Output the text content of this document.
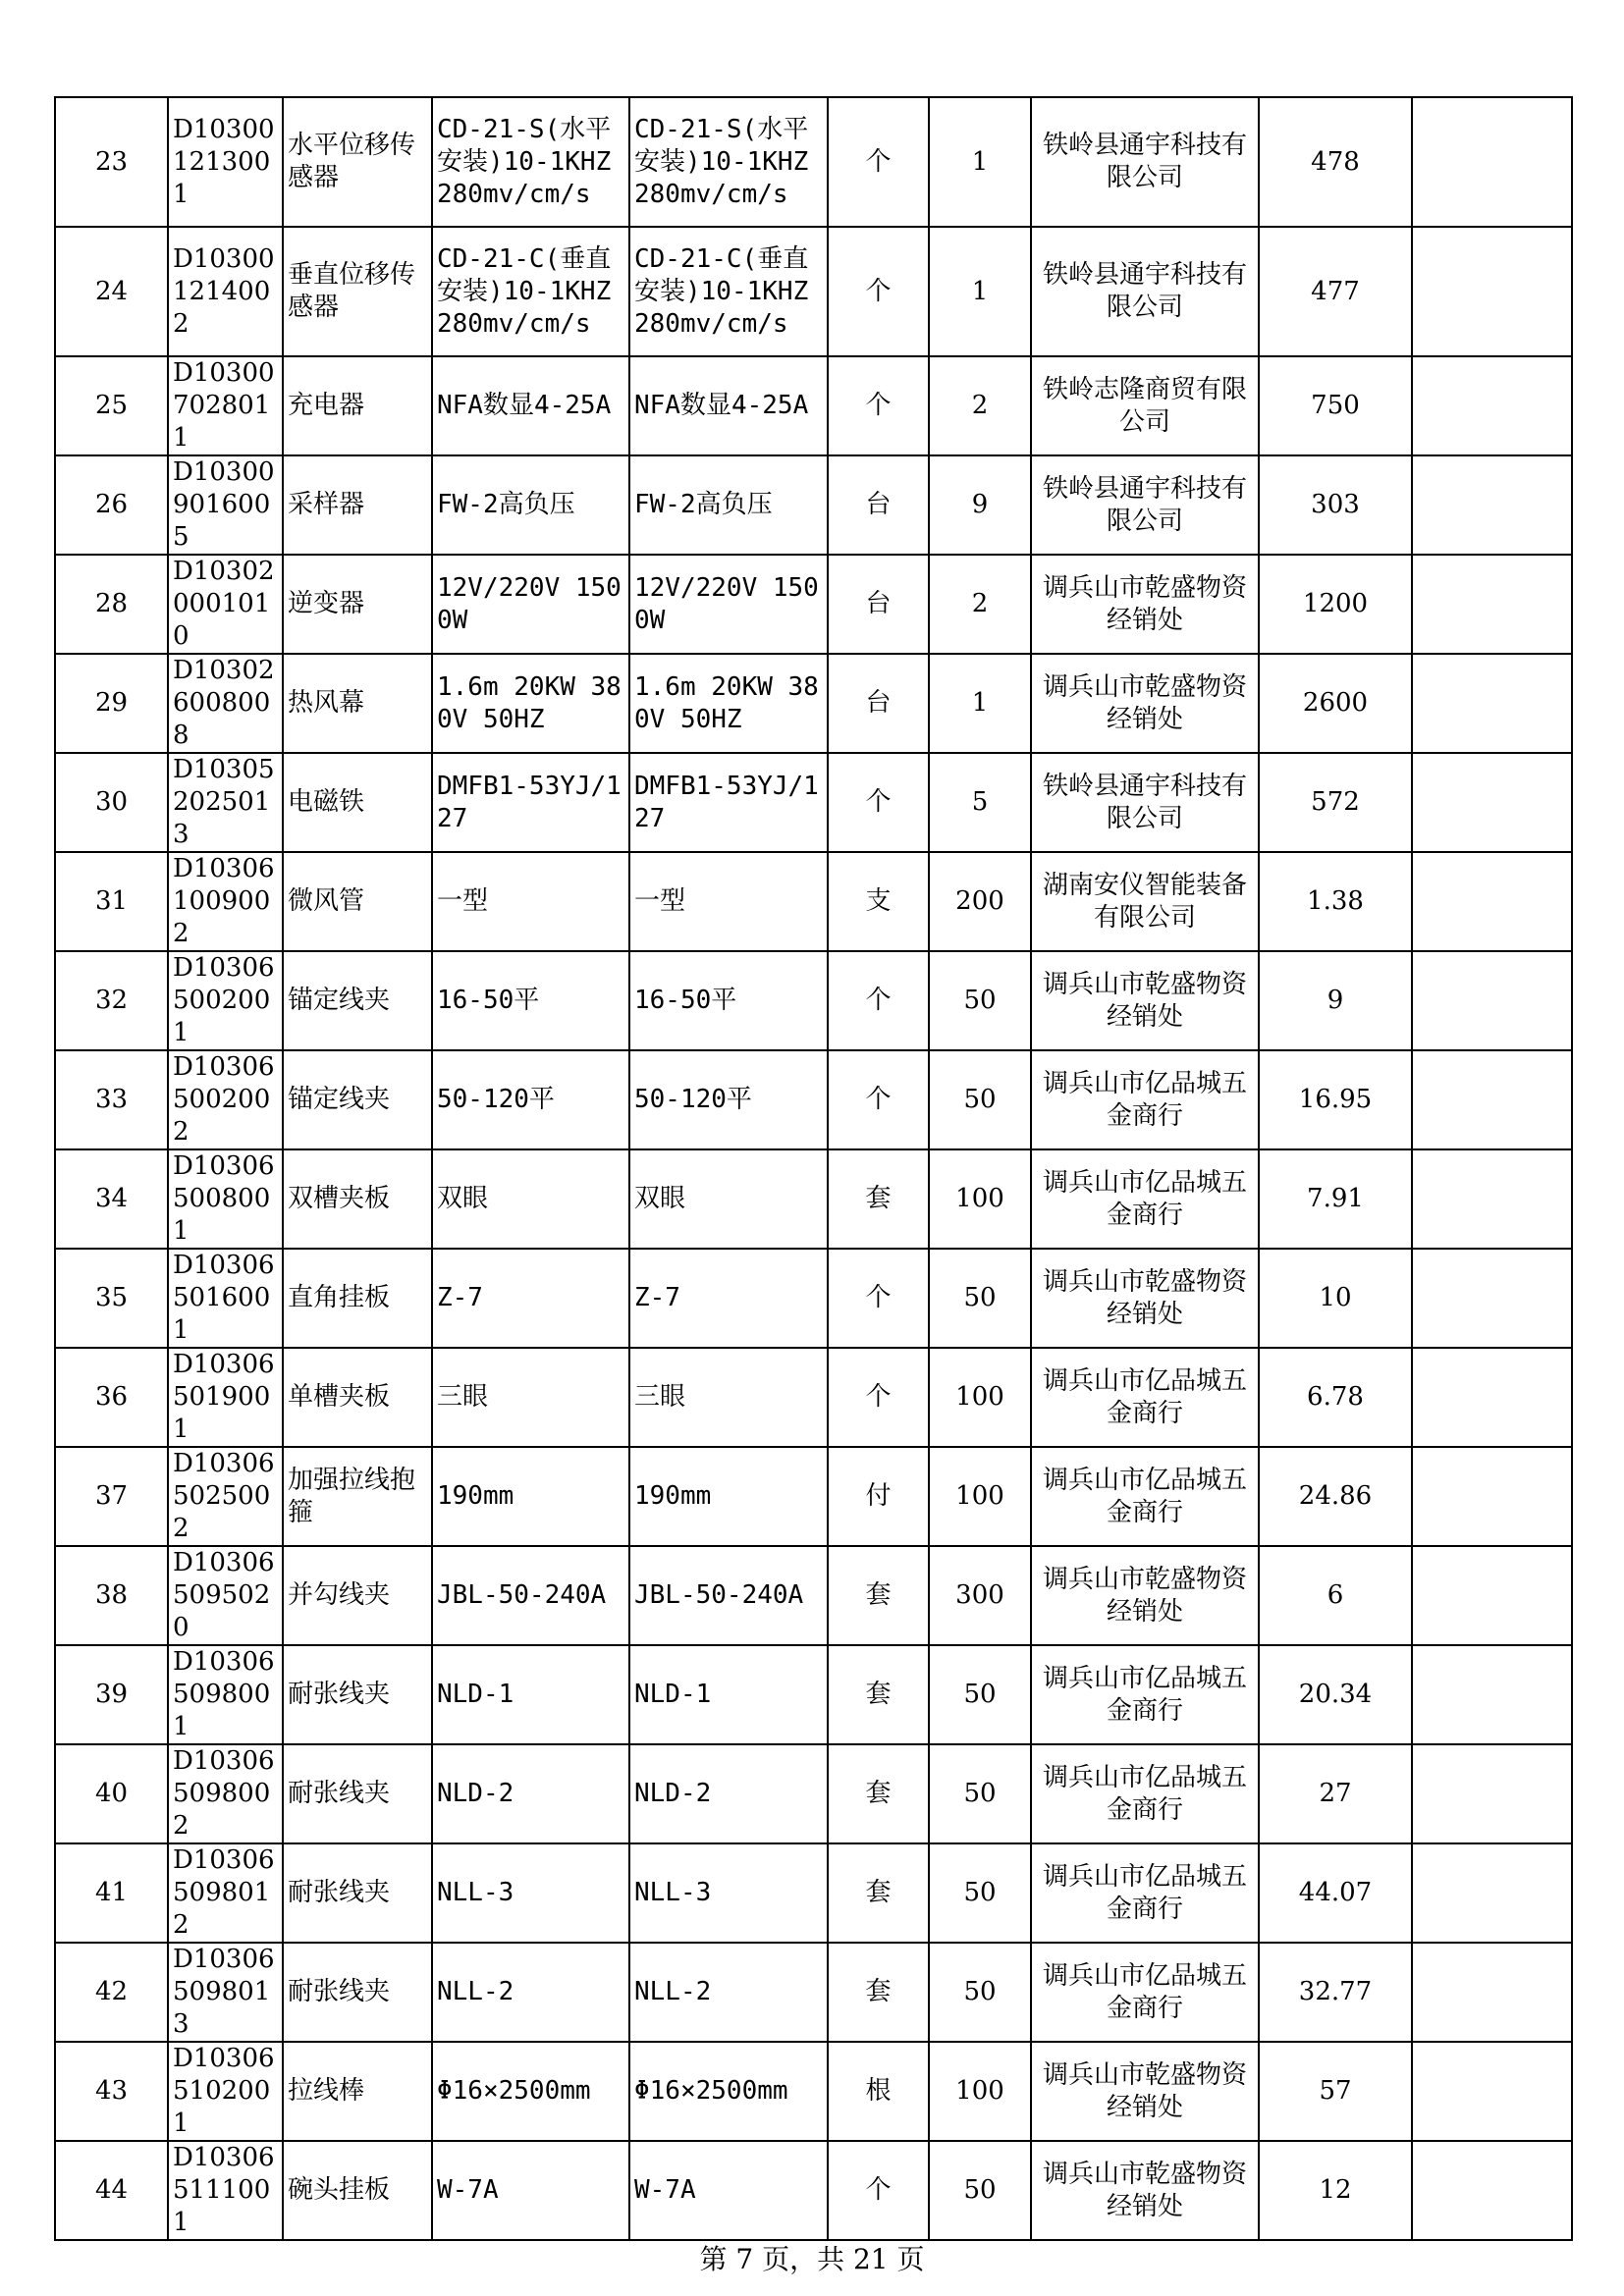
23	D103001213001	水平位移传感器	CD-21-S(水平安装)10-1KHZ280mv/cm/s	CD-21-S(水平安装)10-1KHZ280mv/cm/s	个	1	铁岭县通宇科技有限公司	478	
24	D103001214002	垂直位移传感器	CD-21-C(垂直安装)10-1KHZ280mv/cm/s	CD-21-C(垂直安装)10-1KHZ280mv/cm/s	个	1	铁岭县通宇科技有限公司	477	
25	D103007028011	充电器	NFA数显4-25A	NFA数显4-25A	个	2	铁岭志隆商贸有限公司	750	
26	D103009016005	采样器	FW-2高负压	FW-2高负压	台	9	铁岭县通宇科技有限公司	303	
28	D103020001010	逆变器	12V/220V 1500W	12V/220V 1500W	台	2	调兵山市乾盛物资经销处	1200	
29	D103026008008	热风幕	1.6m 20KW 380V 50HZ	1.6m 20KW 380V 50HZ	台	1	调兵山市乾盛物资经销处	2600	
30	D103052025013	电磁铁	DMFB1-53YJ/127	DMFB1-53YJ/127	个	5	铁岭县通宇科技有限公司	572	
31	D103061009002	微风管	一型	一型	支	200	湖南安仪智能装备有限公司	1.38	
32	D103065002001	锚定线夹	16-50平	16-50平	个	50	调兵山市乾盛物资经销处	9	
33	D103065002002	锚定线夹	50-120平	50-120平	个	50	调兵山市亿品城五金商行	16.95	
34	D103065008001	双槽夹板	双眼	双眼	套	100	调兵山市亿品城五金商行	7.91	
35	D103065016001	直角挂板	Z-7	Z-7	个	50	调兵山市乾盛物资经销处	10	
36	D103065019001	单槽夹板	三眼	三眼	个	100	调兵山市亿品城五金商行	6.78	
37	D103065025002	加强拉线抱箍	190mm	190mm	付	100	调兵山市亿品城五金商行	24.86	
38	D103065095020	并勾线夹	JBL-50-240A	JBL-50-240A	套	300	调兵山市乾盛物资经销处	6	
39	D103065098001	耐张线夹	NLD-1	NLD-1	套	50	调兵山市亿品城五金商行	20.34	
40	D103065098002	耐张线夹	NLD-2	NLD-2	套	50	调兵山市亿品城五金商行	27	
41	D103065098012	耐张线夹	NLL-3	NLL-3	套	50	调兵山市亿品城五金商行	44.07	
42	D103065098013	耐张线夹	NLL-2	NLL-2	套	50	调兵山市亿品城五金商行	32.77	
43	D103065102001	拉线棒	Φ16×2500mm	Φ16×2500mm	根	100	调兵山市乾盛物资经销处	57	
44	D103065111001	碗头挂板	W-7A	W-7A	个	50	调兵山市乾盛物资经销处	12	
第 7 页，共 21 页
